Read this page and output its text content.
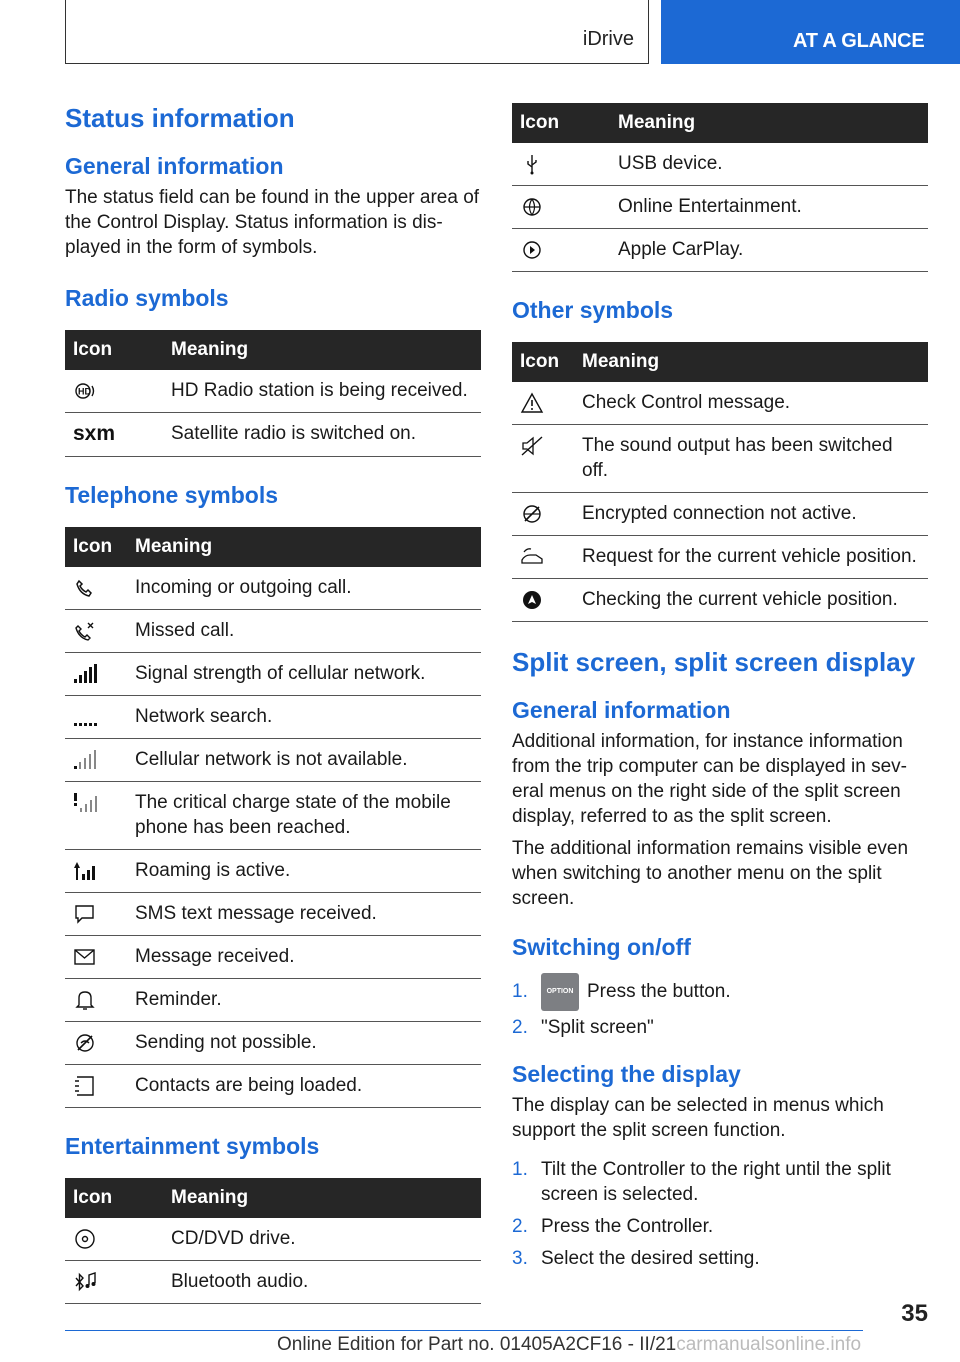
iDrive	AT A GLANCE
Status information
General information

The status field can be found in the upper area of the Control Display. Status information is dis- played in the form of symbols.

Radio symbols
Icon	Meaning

HD	HD Radio station is being received.
sxm	Satellite radio is switched on.
Telephone symbols
Icon	Meaning

	Incoming or outgoing call.

	Missed call.

	Signal strength of cellular network.

	Network search.

	Cellular network is not available.

	The critical charge state of the mobile phone has been reached.

	Roaming is active.

	SMS text message received.

	Message received.

	Reminder.

	Sending not possible.

	Contacts are being loaded.
Entertainment symbols
Icon	Meaning

	CD/DVD drive.

	Bluetooth audio.
Icon	Meaning

	USB device.

	Online Entertainment.

	Apple CarPlay.
Other symbols
Icon	Meaning

	Check Control message.

	The sound output has been switched off.

	Encrypted connection not active.

	Request for the current vehicle position.

	Checking the current vehicle position.
Split screen, split screen display
General information

Additional information, for instance information from the trip computer can be displayed in sev‐ eral menus on the right side of the split screen display, referred to as the split screen.

The additional information remains visible even when switching to another menu on the split screen.

Switching on/off
1.	OPTION Press the button.
2. "Split screen"
Selecting the display

The display can be selected in menus which support the split screen function.

1. Tilt the Controller to the right until the split screen is selected.
2. Press the Controller.
3. Select the desired setting.
35
Online Edition for Part no. 01405A2CF16 - II/21carmanualsonline.info
